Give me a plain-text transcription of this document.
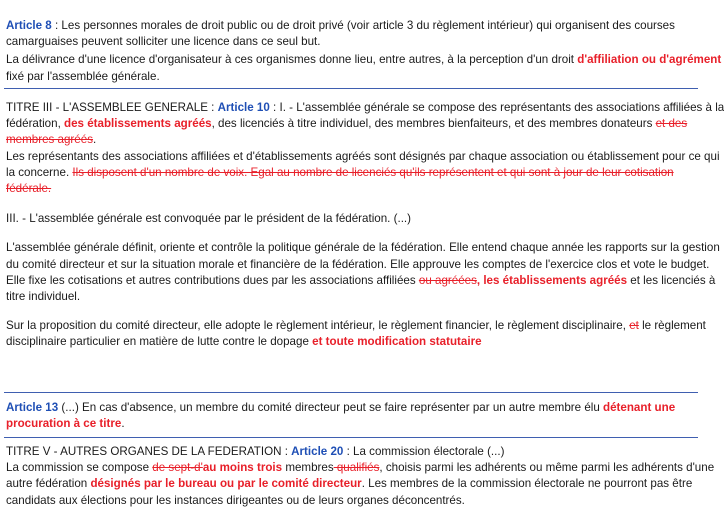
Article 8 : Les personnes morales de droit public ou de droit privé (voir article 3 du règlement intérieur) qui organisent des courses
camarguaises peuvent solliciter une licence dans ce seul but.
La délivrance d'une licence d'organisateur à ces organismes donne lieu, entre autres, à la perception d'un droit d'affiliation ou d'agrément
fixé par l'assemblée générale.
TITRE III - L'ASSEMBLEE GENERALE : Article 10 : I. - L'assemblée générale se compose des représentants des associations affiliées à la
fédération, des établissements agréés, des licenciés à titre individuel, des membres bienfaiteurs, et des membres donateurs et des
membres agréés.
Les représentants des associations affiliées et d'établissements agréés sont désignés par chaque association ou établissement pour ce qui
la concerne. Ils disposent d'un nombre de voix. Egal au nombre de licenciés qu'ils représentent et qui sont à jour de leur cotisation
fédérale.
III. - L'assemblée générale est convoquée par le président de la fédération. (...)
L'assemblée générale définit, oriente et contrôle la politique générale de la fédération. Elle entend chaque année les rapports sur la gestion
du comité directeur et sur la situation morale et financière de la fédération. Elle approuve les comptes de l'exercice clos et vote le budget.
Elle fixe les cotisations et autres contributions dues par les associations affiliées ou agréées, les établissements agréés et les licenciés à
titre individuel.
Sur la proposition du comité directeur, elle adopte le règlement intérieur, le règlement financier, le règlement disciplinaire, et le règlement
disciplinaire particulier en matière de lutte contre le dopage et toute modification statutaire
Article 13 (...) En cas d'absence, un membre du comité directeur peut se faire représenter par un autre membre élu détenant une
procuration à ce titre.
TITRE V - AUTRES ORGANES DE LA FEDERATION : Article 20 : La commission électorale (...)
La commission se compose de sept-d'au moins trois membres qualifiés, choisis parmi les adhérents ou même parmi les adhérents d'une
autre fédération désignés par le bureau ou par le comité directeur. Les membres de la commission électorale ne pourront pas être
candidats aux élections pour les instances dirigeantes ou de leurs organes déconcentrés.
